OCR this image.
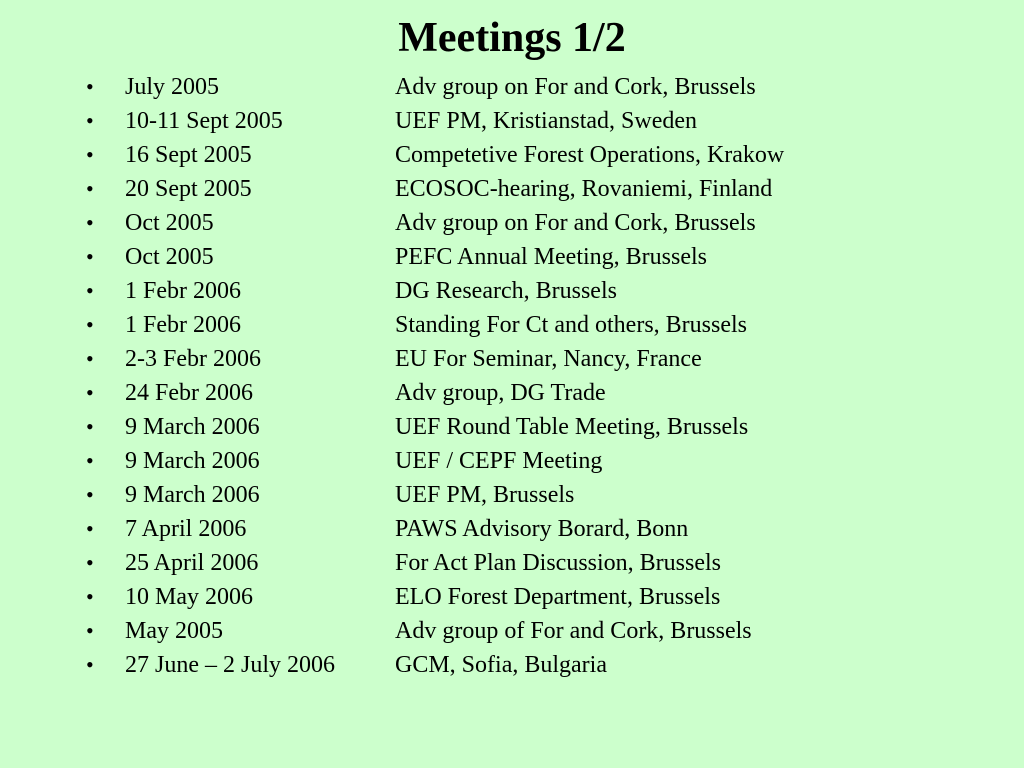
Meetings 1/2
• July 2005	Adv group on For and Cork, Brussels
• 10-11 Sept 2005	UEF PM, Kristianstad, Sweden
• 16 Sept 2005	Competetive Forest Operations, Krakow
• 20 Sept 2005	ECOSOC-hearing, Rovaniemi, Finland
• Oct 2005	Adv group on For and Cork, Brussels
• Oct 2005	PEFC Annual Meeting, Brussels
• 1 Febr 2006	DG Research, Brussels
• 1 Febr 2006	Standing For Ct and others, Brussels
• 2-3 Febr 2006	EU For Seminar, Nancy, France
• 24 Febr 2006	Adv group, DG Trade
• 9 March 2006	UEF Round Table Meeting, Brussels
• 9 March 2006	UEF / CEPF Meeting
• 9 March 2006	UEF PM, Brussels
• 7 April 2006	PAWS Advisory Borard, Bonn
• 25 April 2006	For Act Plan Discussion, Brussels
• 10 May 2006	ELO Forest Department, Brussels
• May 2005	Adv group of For and Cork, Brussels
• 27 June – 2 July 2006	GCM, Sofia, Bulgaria
